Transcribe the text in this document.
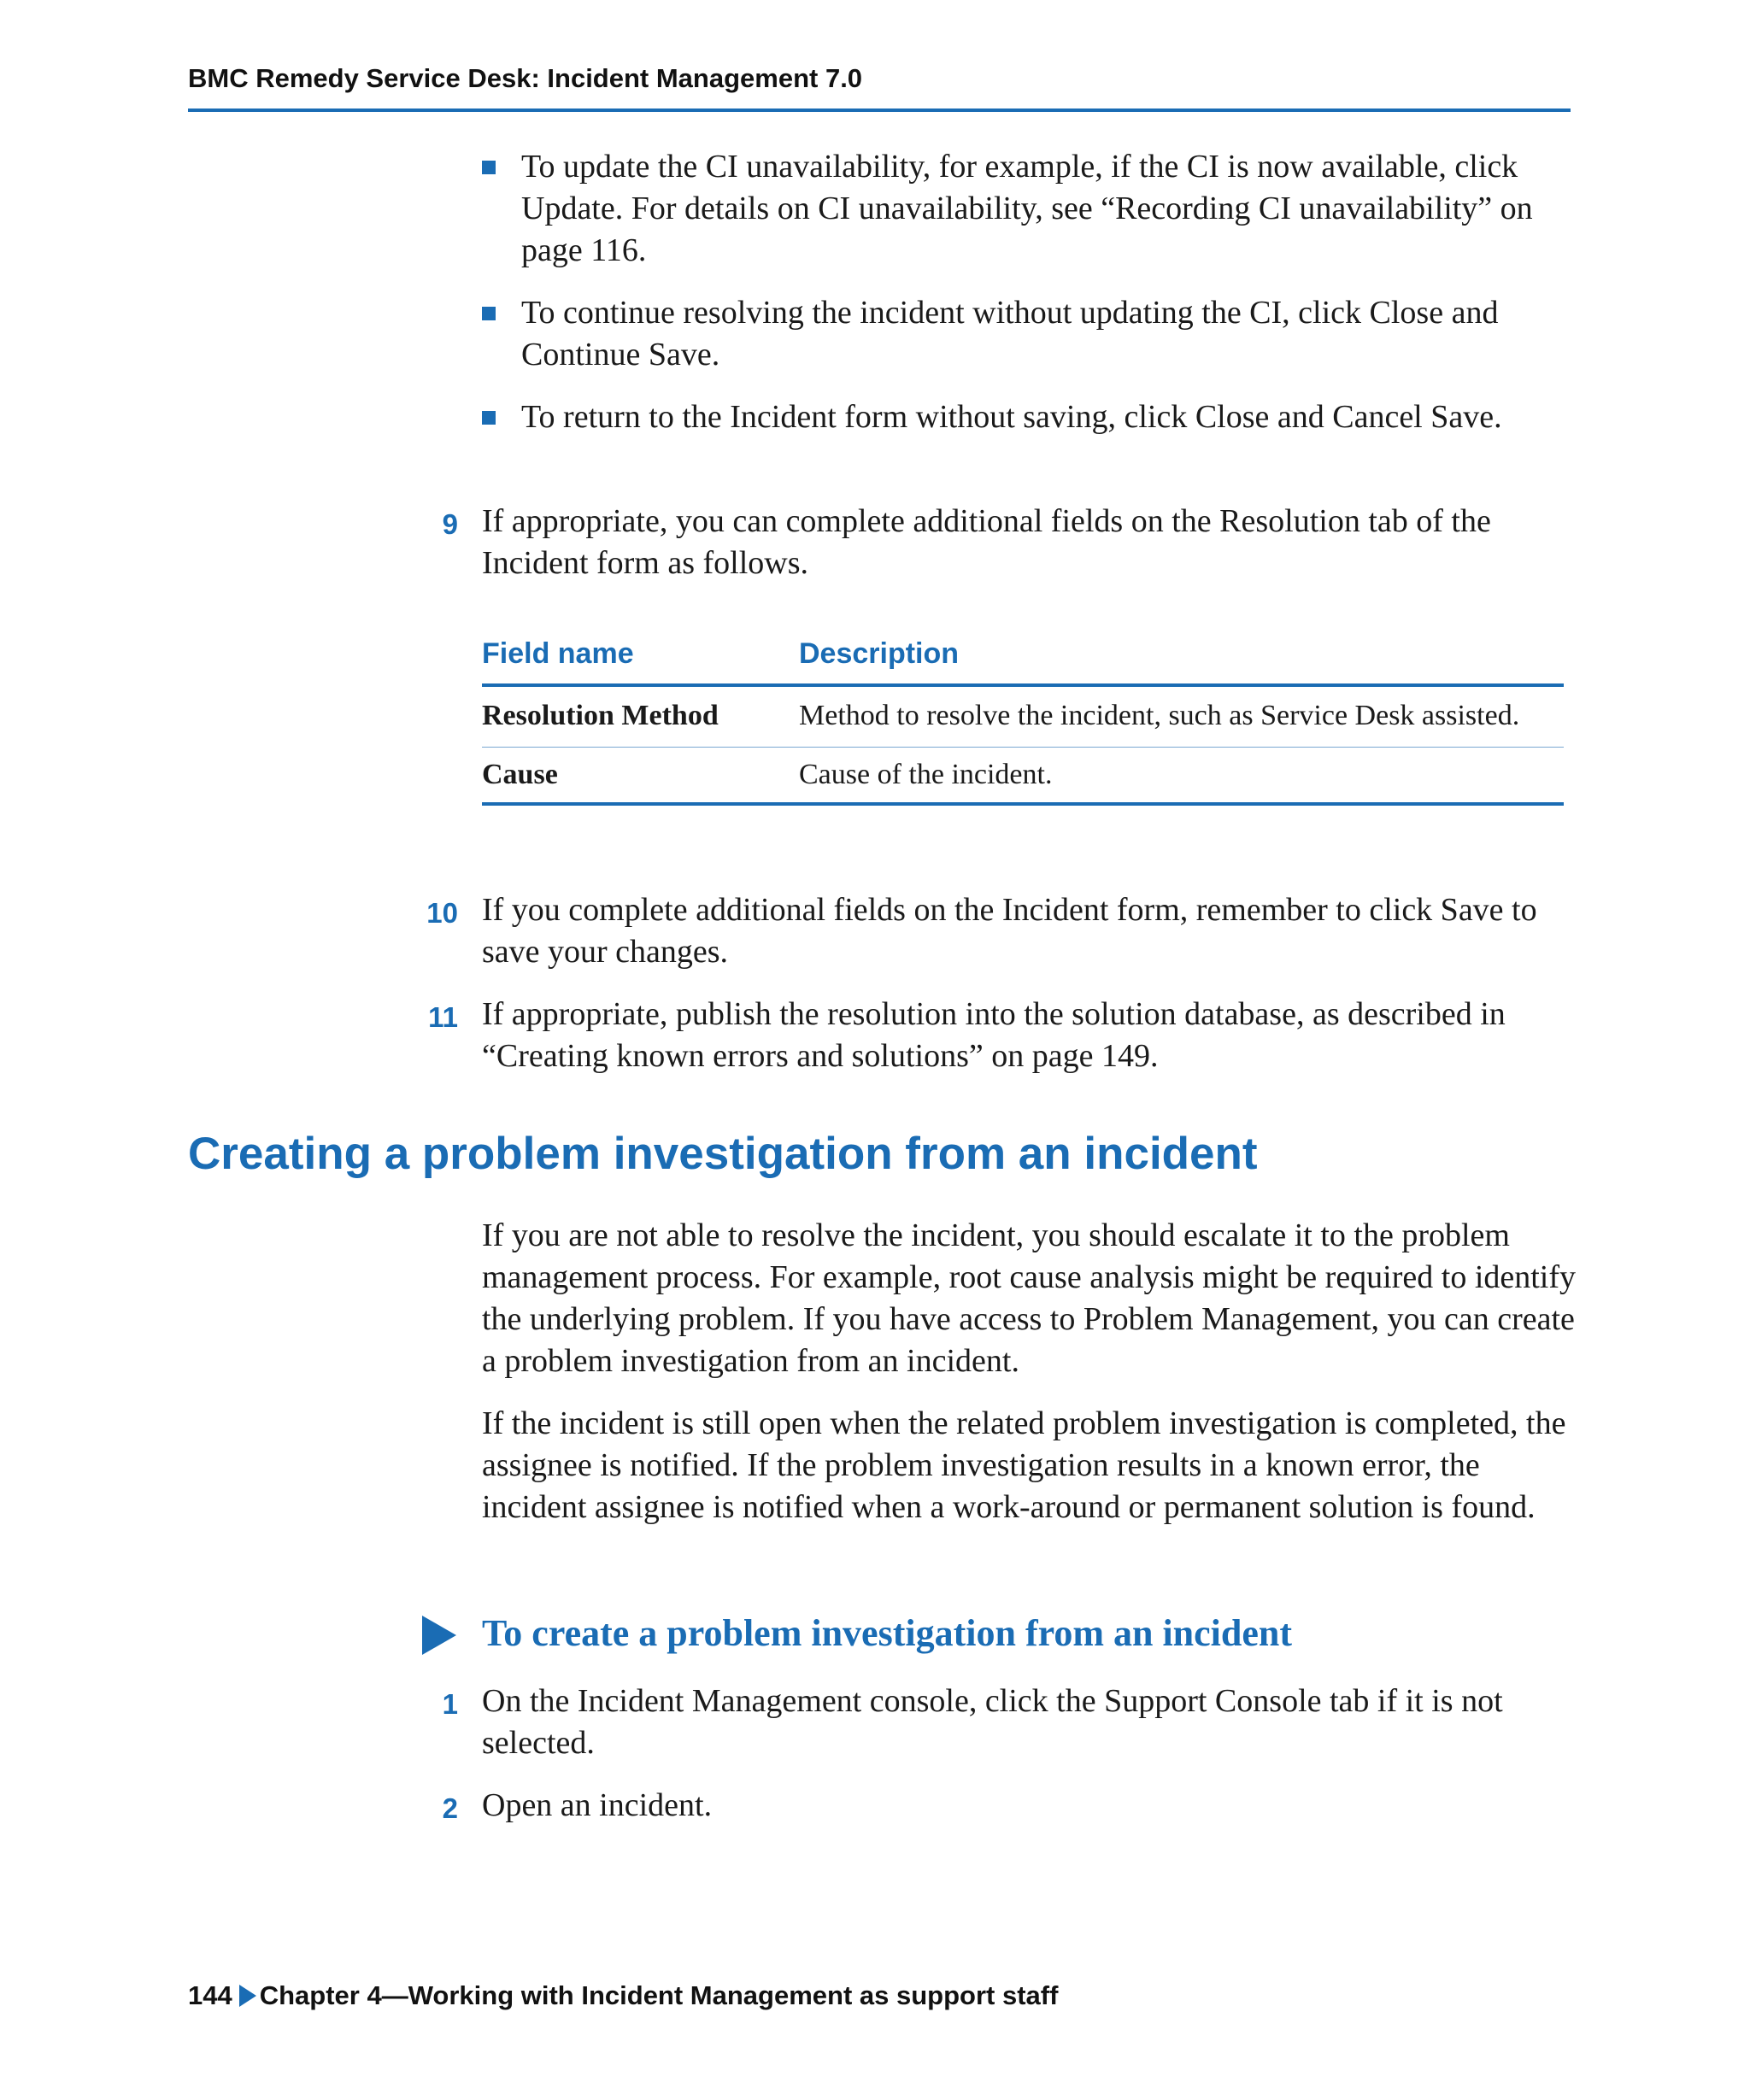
BMC Remedy Service Desk: Incident Management 7.0
To update the CI unavailability, for example, if the CI is now available, click Update. For details on CI unavailability, see “Recording CI unavailability” on page 116.
To continue resolving the incident without updating the CI, click Close and Continue Save.
To return to the Incident form without saving, click Close and Cancel Save.
9 If appropriate, you can complete additional fields on the Resolution tab of the Incident form as follows.
Field name	Description
Resolution Method	Method to resolve the incident, such as Service Desk assisted.
Cause	Cause of the incident.
10 If you complete additional fields on the Incident form, remember to click Save to save your changes.
11 If appropriate, publish the resolution into the solution database, as described in “Creating known errors and solutions” on page 149.
Creating a problem investigation from an incident
If you are not able to resolve the incident, you should escalate it to the problem management process. For example, root cause analysis might be required to identify the underlying problem. If you have access to Problem Management, you can create a problem investigation from an incident.
If the incident is still open when the related problem investigation is completed, the assignee is notified. If the problem investigation results in a known error, the incident assignee is notified when a work-around or permanent solution is found.
To create a problem investigation from an incident
1 On the Incident Management console, click the Support Console tab if it is not selected.
2 Open an incident.
144 Chapter 4—Working with Incident Management as support staff
